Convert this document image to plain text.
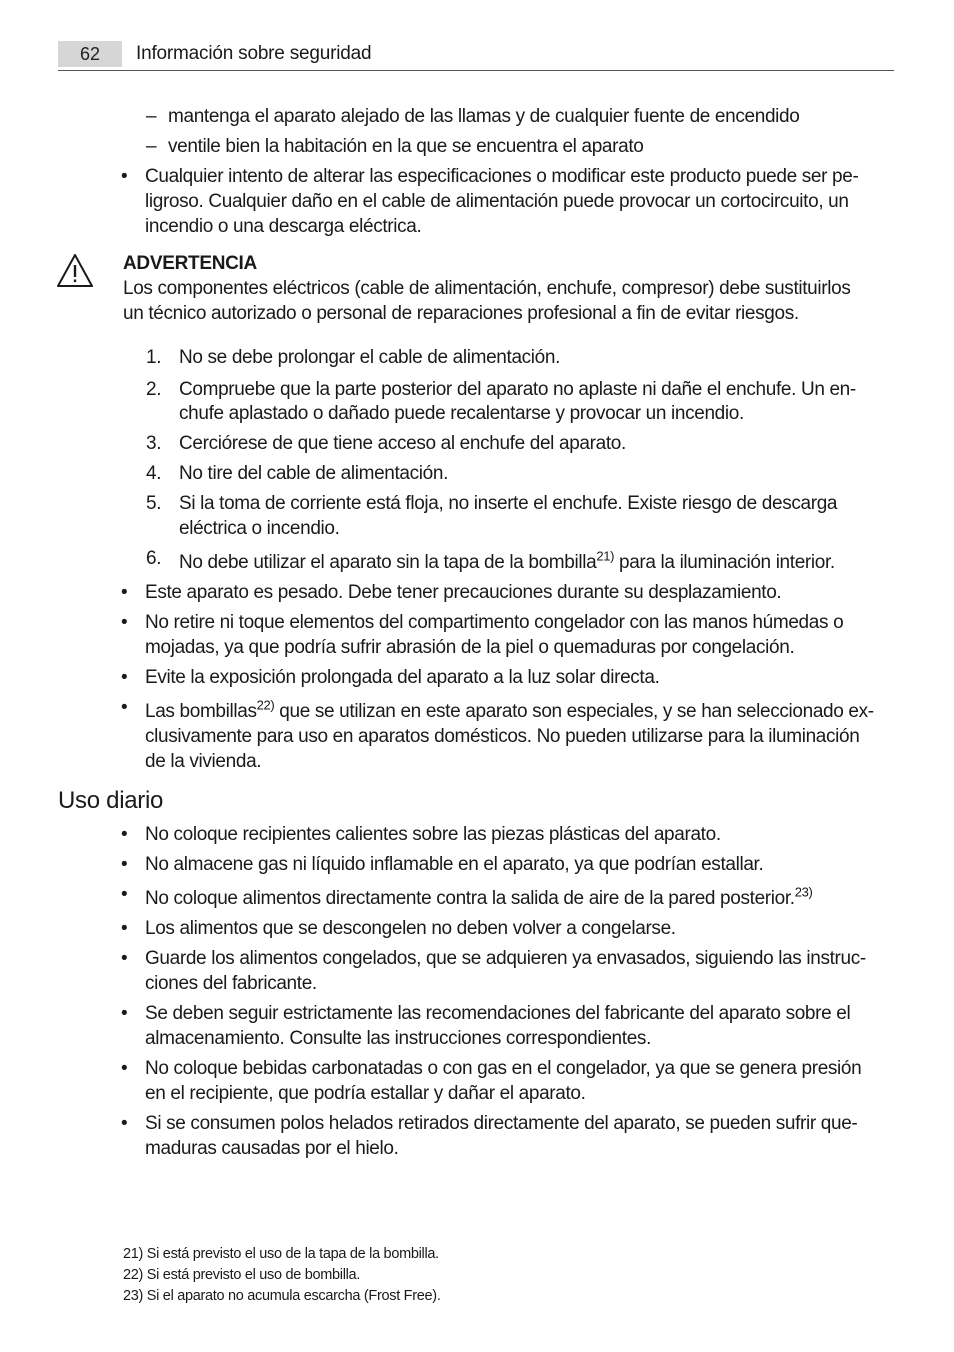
62	Información sobre seguridad
– mantenga el aparato alejado de las llamas y de cualquier fuente de encendido
– ventile bien la habitación en la que se encuentra el aparato
• Cualquier intento de alterar las especificaciones o modificar este producto puede ser pe-
ligroso. Cualquier daño en el cable de alimentación puede provocar un cortocircuito, un
incendio o una descarga eléctrica.
ADVERTENCIA
Los componentes eléctricos (cable de alimentación, enchufe, compresor) debe sustituirlos
un técnico autorizado o personal de reparaciones profesional a fin de evitar riesgos.
1. No se debe prolongar el cable de alimentación.
2. Compruebe que la parte posterior del aparato no aplaste ni dañe el enchufe. Un en-
chufe aplastado o dañado puede recalentarse y provocar un incendio.
3. Cerciórese de que tiene acceso al enchufe del aparato.
4. No tire del cable de alimentación.
5. Si la toma de corriente está floja, no inserte el enchufe. Existe riesgo de descarga
eléctrica o incendio.
6. No debe utilizar el aparato sin la tapa de la bombilla$^{21)}$ para la iluminación interior.
• Este aparato es pesado. Debe tener precauciones durante su desplazamiento.
• No retire ni toque elementos del compartimento congelador con las manos húmedas o
mojadas, ya que podría sufrir abrasión de la piel o quemaduras por congelación.
• Evite la exposición prolongada del aparato a la luz solar directa.
• Las bombillas$^{22)}$ que se utilizan en este aparato son especiales, y se han seleccionado ex-
clusivamente para uso en aparatos domésticos. No pueden utilizarse para la iluminación
de la vivienda.
Uso diario
• No coloque recipientes calientes sobre las piezas plásticas del aparato.
• No almacene gas ni líquido inflamable en el aparato, ya que podrían estallar.
• No coloque alimentos directamente contra la salida de aire de la pared posterior.$^{23)}$
• Los alimentos que se descongelen no deben volver a congelarse.
• Guarde los alimentos congelados, que se adquieren ya envasados, siguiendo las instruc-
ciones del fabricante.
• Se deben seguir estrictamente las recomendaciones del fabricante del aparato sobre el
almacenamiento. Consulte las instrucciones correspondientes.
• No coloque bebidas carbonatadas o con gas en el congelador, ya que se genera presión
en el recipiente, que podría estallar y dañar el aparato.
• Si se consumen polos helados retirados directamente del aparato, se pueden sufrir que-
maduras causadas por el hielo.
21) Si está previsto el uso de la tapa de la bombilla.
22) Si está previsto el uso de bombilla.
23) Si el aparato no acumula escarcha (Frost Free).
